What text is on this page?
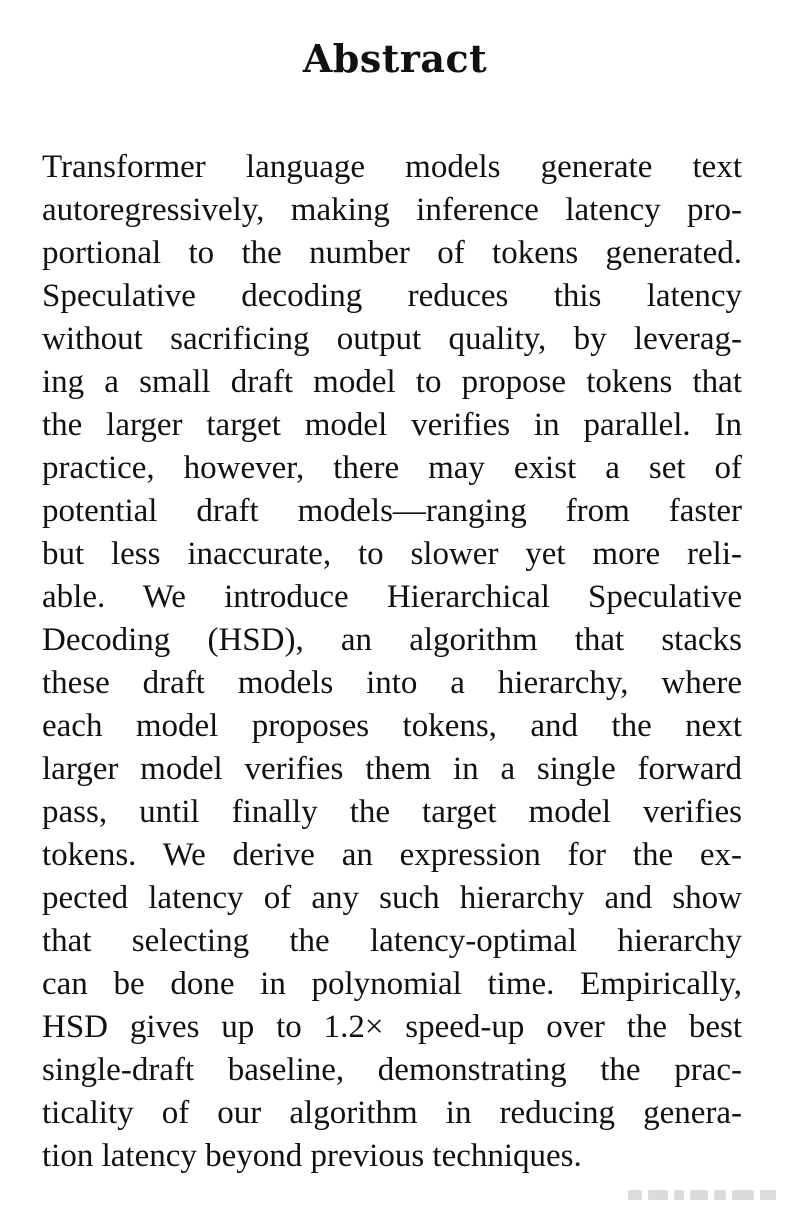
Abstract
Transformer language models generate text
autoregressively, making inference latency pro-
portional to the number of tokens generated.
Speculative decoding reduces this latency
without sacrificing output quality, by leverag-
ing a small draft model to propose tokens that
the larger target model verifies in parallel. In
practice, however, there may exist a set of
potential draft models—ranging from faster
but less inaccurate, to slower yet more reli-
able. We introduce Hierarchical Speculative
Decoding (HSD), an algorithm that stacks
these draft models into a hierarchy, where
each model proposes tokens, and the next
larger model verifies them in a single forward
pass, until finally the target model verifies
tokens. We derive an expression for the ex-
pected latency of any such hierarchy and show
that selecting the latency-optimal hierarchy
can be done in polynomial time. Empirically,
HSD gives up to 1.2× speed-up over the best
single-draft baseline, demonstrating the prac-
ticality of our algorithm in reducing genera-
tion latency beyond previous techniques.
